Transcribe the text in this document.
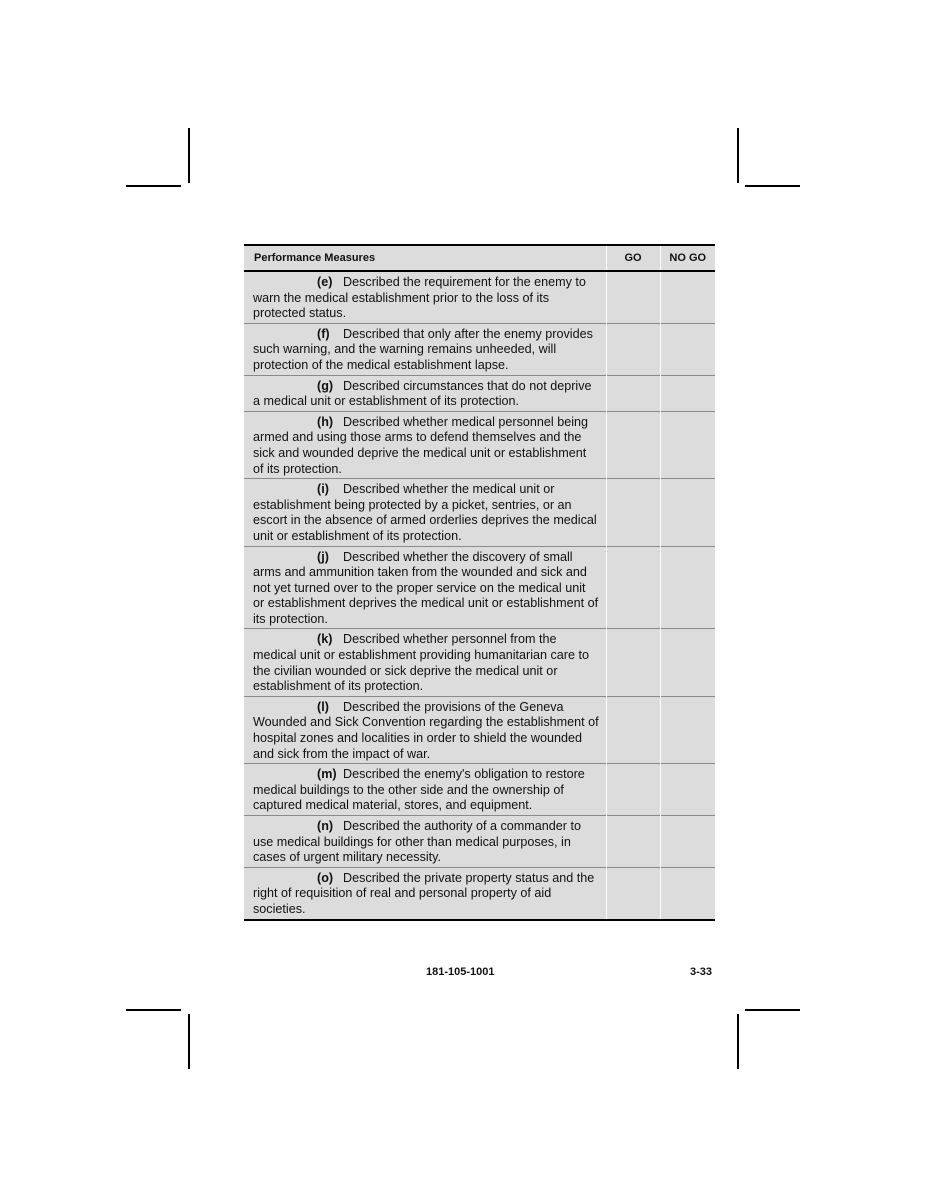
Performance Measures	GO	NO GO
(e) Described the requirement for the enemy to warn the medical establishment prior to the loss of its protected status.		
(f) Described that only after the enemy provides such warning, and the warning remains unheeded, will protection of the medical establishment lapse.		
(g) Described circumstances that do not deprive a medical unit or establishment of its protection.		
(h) Described whether medical personnel being armed and using those arms to defend themselves and the sick and wounded deprive the medical unit or establishment of its protection.		
(i) Described whether the medical unit or establishment being protected by a picket, sentries, or an escort in the absence of armed orderlies deprives the medical unit or establishment of its protection.		
(j) Described whether the discovery of small arms and ammunition taken from the wounded and sick and not yet turned over to the proper service on the medical unit or establishment deprives the medical unit or establishment of its protection.		
(k) Described whether personnel from the medical unit or establishment providing humanitarian care to the civilian wounded or sick deprive the medical unit or establishment of its protection.		
(l) Described the provisions of the Geneva Wounded and Sick Convention regarding the establishment of hospital zones and localities in order to shield the wounded and sick from the impact of war.		
(m) Described the enemy's obligation to restore medical buildings to the other side and the ownership of captured medical material, stores, and equipment.		
(n) Described the authority of a commander to use medical buildings for other than medical purposes, in cases of urgent military necessity.		
(o) Described the private property status and the right of requisition of real and personal property of aid societies.		
181-105-1001	3-33
